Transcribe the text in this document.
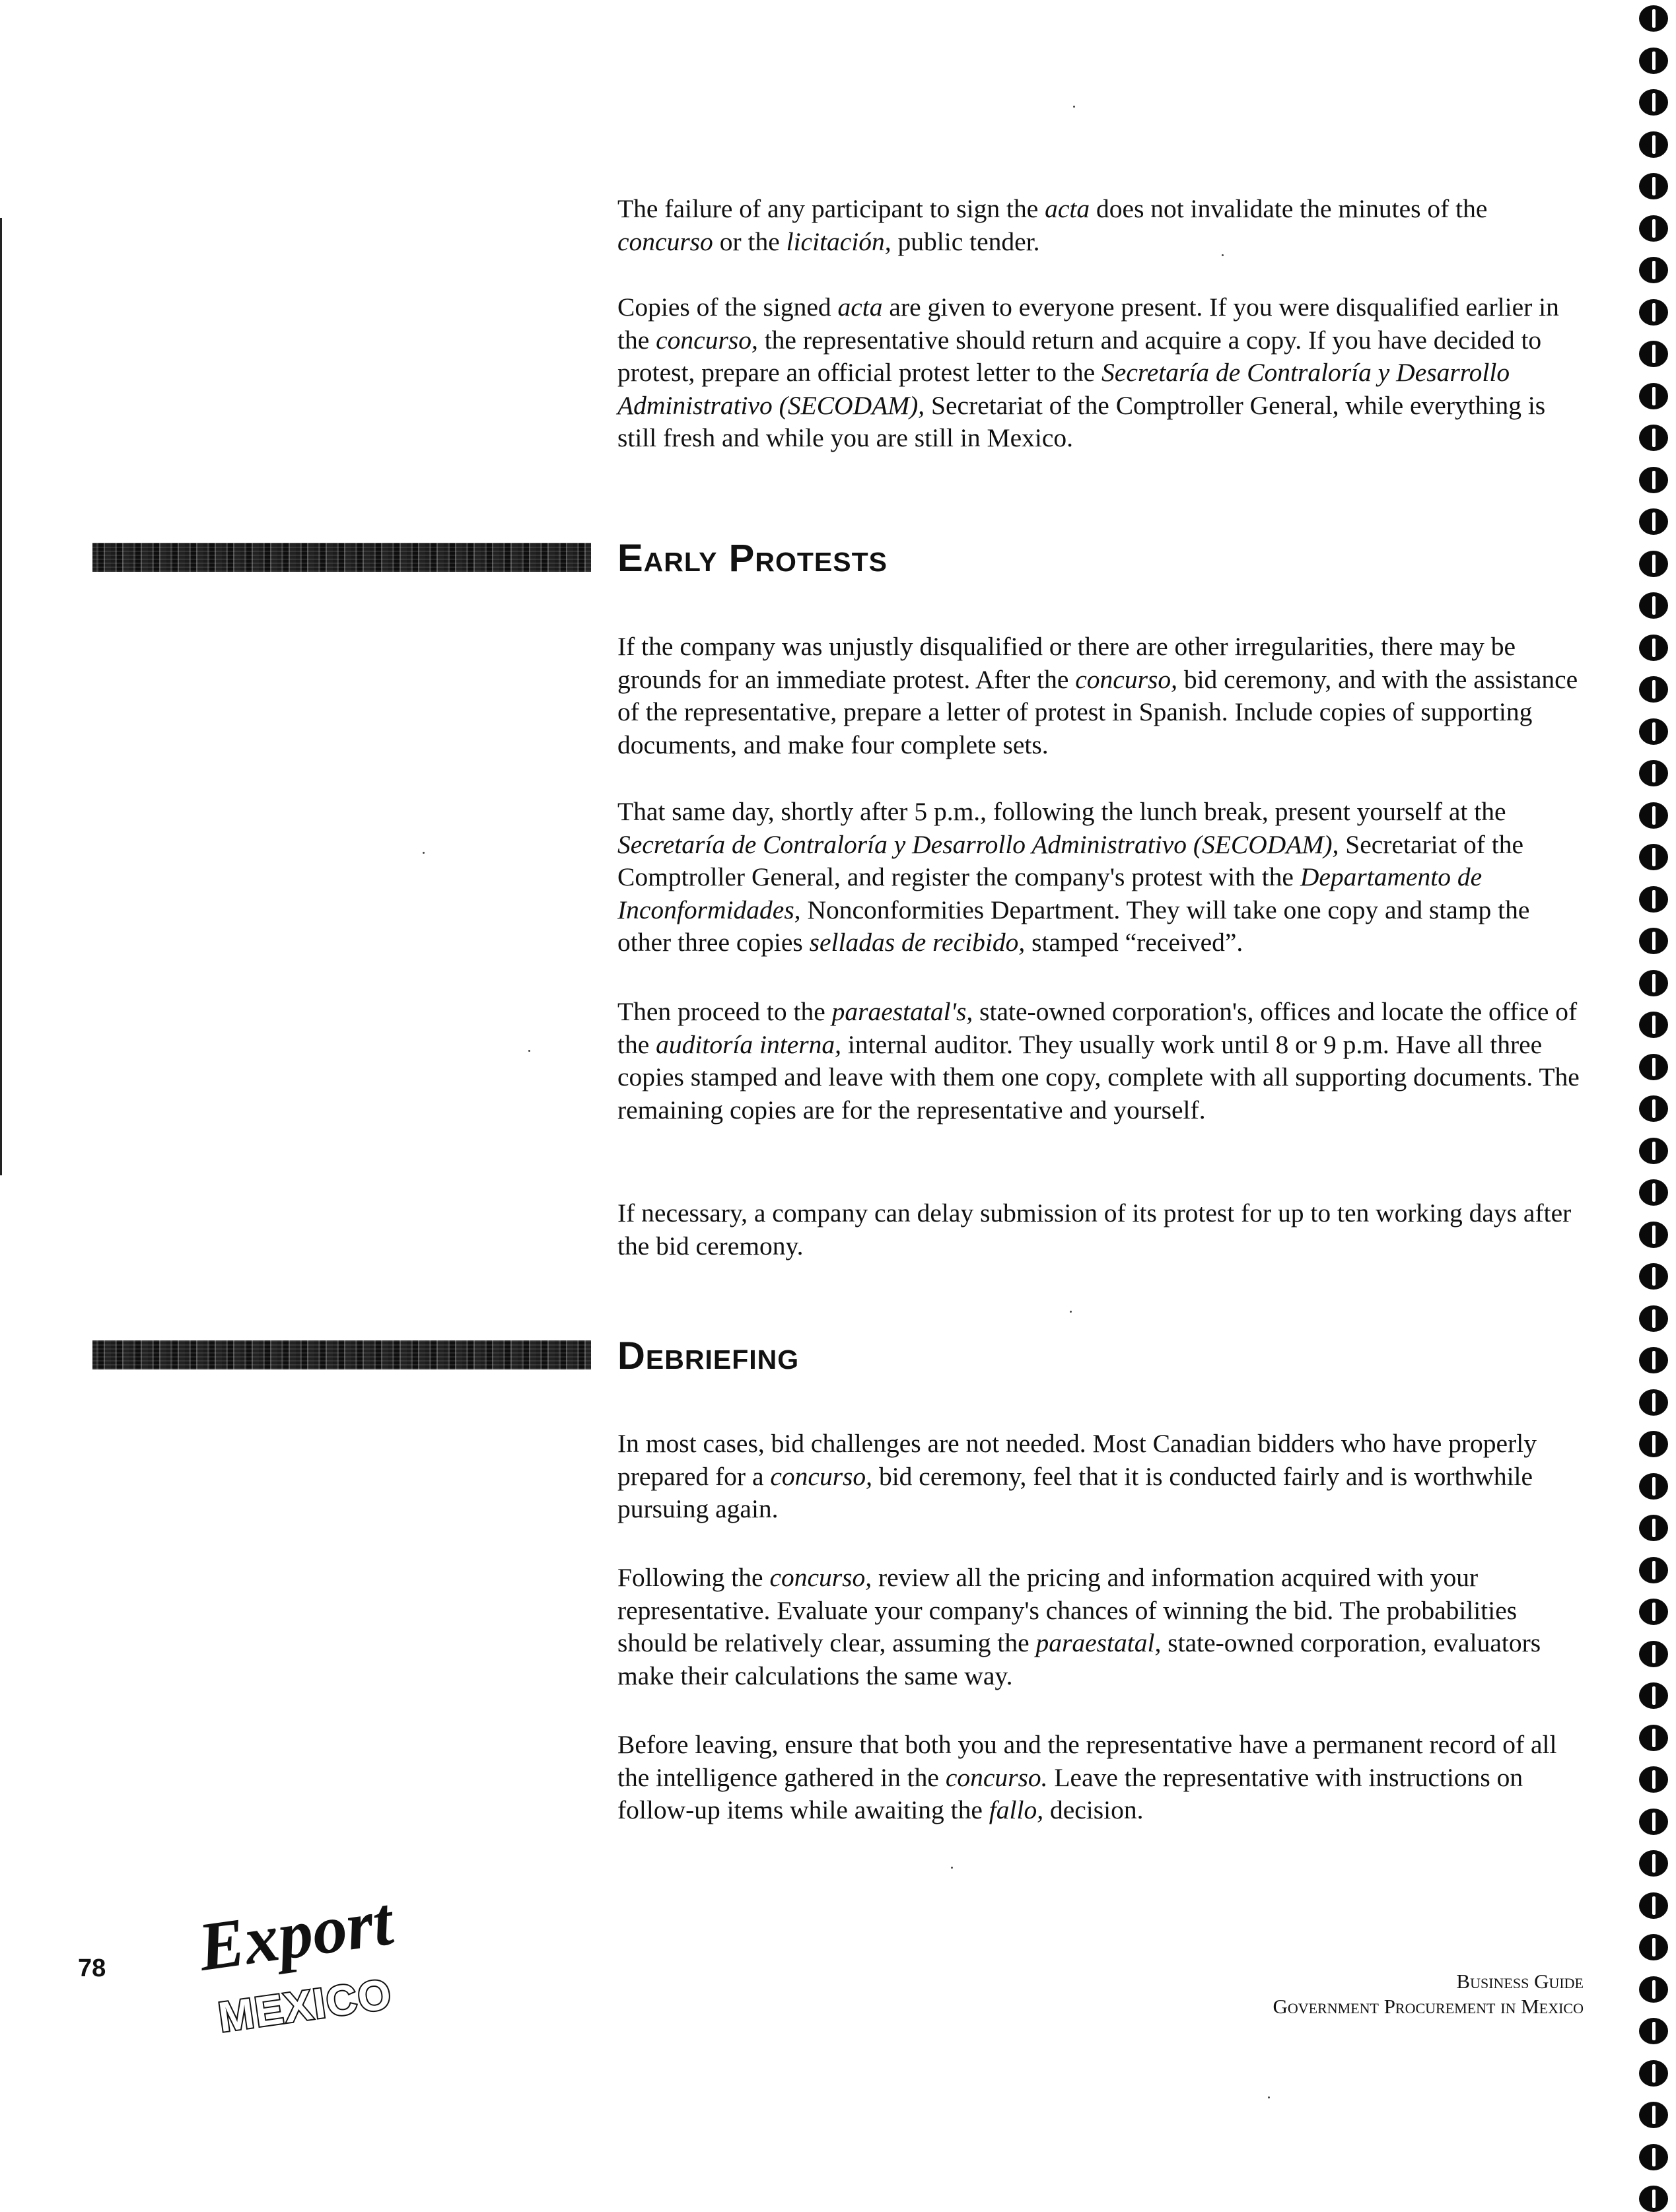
The failure of any participant to sign the acta does not invalidate the minutes of the concurso or the licitación, public tender.

Copies of the signed acta are given to everyone present. If you were disqualified earlier in the concurso, the representative should return and acquire a copy. If you have decided to protest, prepare an official protest letter to the Secretaría de Contraloría y Desarrollo Administrativo (SECODAM), Secretariat of the Comptroller General, while everything is still fresh and while you are still in Mexico.

Early Protests

If the company was unjustly disqualified or there are other irregularities, there may be grounds for an immediate protest. After the concurso, bid ceremony, and with the assistance of the representative, prepare a letter of protest in Spanish. Include copies of supporting documents, and make four complete sets.

That same day, shortly after 5 p.m., following the lunch break, present yourself at the Secretaría de Contraloría y Desarrollo Administrativo (SECODAM), Secretariat of the Comptroller General, and register the company's protest with the Departamento de Inconformidades, Nonconformities Department. They will take one copy and stamp the other three copies selladas de recibido, stamped “received”.

Then proceed to the paraestatal's, state-owned corporation's, offices and locate the office of the auditoría interna, internal auditor. They usually work until 8 or 9 p.m. Have all three copies stamped and leave with them one copy, complete with all supporting documents. The remaining copies are for the representative and yourself.

If necessary, a company can delay submission of its protest for up to ten working days after the bid ceremony.

Debriefing

In most cases, bid challenges are not needed. Most Canadian bidders who have properly prepared for a concurso, bid ceremony, feel that it is conducted fairly and is worthwhile pursuing again.

Following the concurso, review all the pricing and information acquired with your representative. Evaluate your company's chances of winning the bid. The probabilities should be relatively clear, assuming the paraestatal, state-owned corporation, evaluators make their calculations the same way.

Before leaving, ensure that both you and the representative have a permanent record of all the intelligence gathered in the concurso. Leave the representative with instructions on follow-up items while awaiting the fallo, decision.

78 Export
MEXICO	Business Guide
Government Procurement in Mexico
